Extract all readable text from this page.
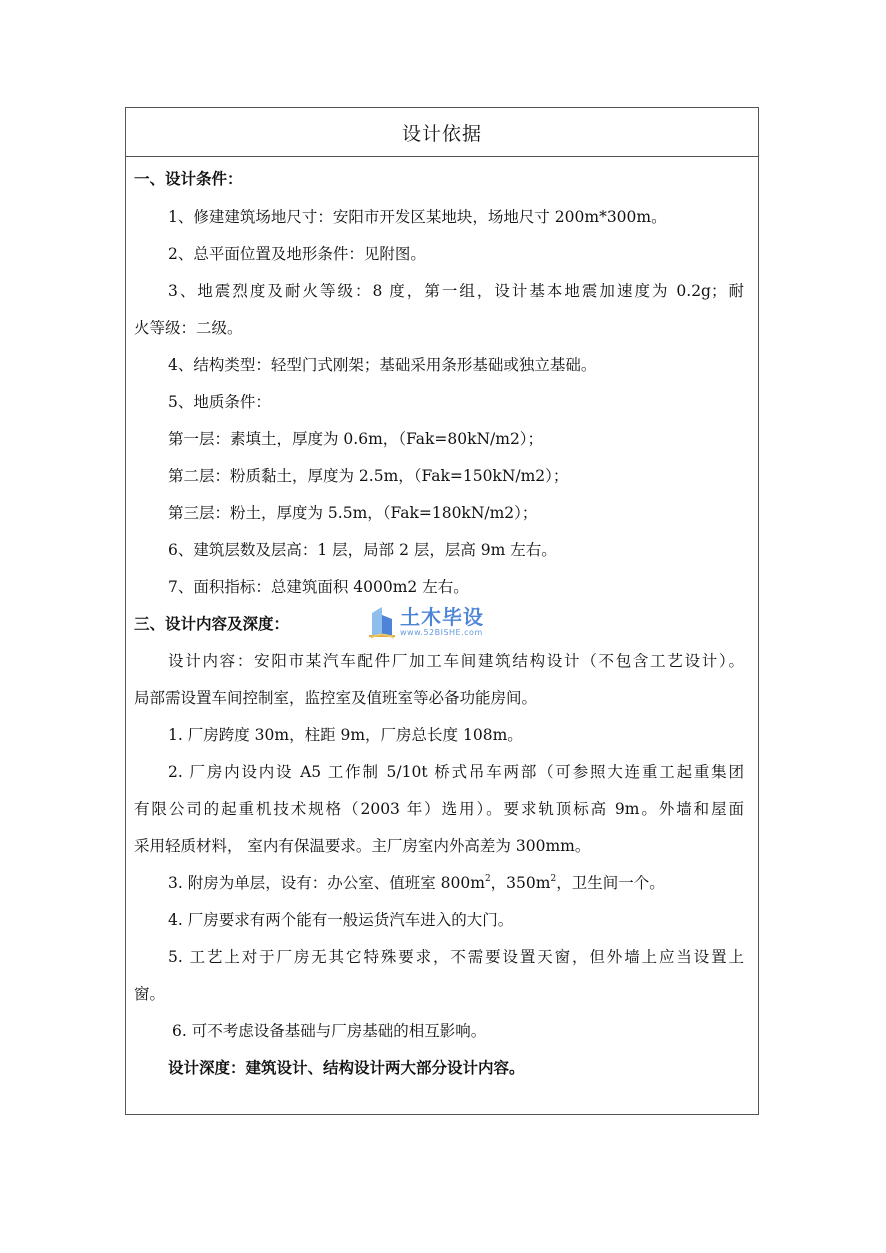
设计依据
一、设计条件：
1、修建建筑场地尺寸：安阳市开发区某地块，场地尺寸 200m*300m。
2、总平面位置及地形条件：见附图。
3、地震烈度及耐火等级：8 度，第一组，设计基本地震加速度为 0.2g；耐
火等级：二级。
4、结构类型：轻型门式刚架；基础采用条形基础或独立基础。
5、地质条件：
第一层：素填土，厚度为 0.6m，（Fak=80kN/m2）；
第二层：粉质黏土，厚度为 2.5m，（Fak=150kN/m2）；
第三层：粉土，厚度为 5.5m，（Fak=180kN/m2）；
6、建筑层数及层高：1 层，局部 2 层，层高 9m 左右。
7、面积指标：总建筑面积 4000m2 左右。
三、设计内容及深度：
设计内容：安阳市某汽车配件厂加工车间建筑结构设计（不包含工艺设计）。
局部需设置车间控制室，监控室及值班室等必备功能房间。
1. 厂房跨度 30m，柱距 9m，厂房总长度 108m。
2. 厂房内设内设 A5 工作制 5/10t 桥式吊车两部（可参照大连重工起重集团
有限公司的起重机技术规格（2003 年）选用）。要求轨顶标高 9m。外墙和屋面
采用轻质材料， 室内有保温要求。主厂房室内外高差为 300mm。
3. 附房为单层，设有：办公室、值班室 $800m^2$，$350m^2$，卫生间一个。
4. 厂房要求有两个能有一般运货汽车进入的大门。
5. 工艺上对于厂房无其它特殊要求，不需要设置天窗，但外墙上应当设置上
窗。
6. 可不考虑设备基础与厂房基础的相互影响。
设计深度：建筑设计、结构设计两大部分设计内容。
土木毕设
www.52BISHE.com
